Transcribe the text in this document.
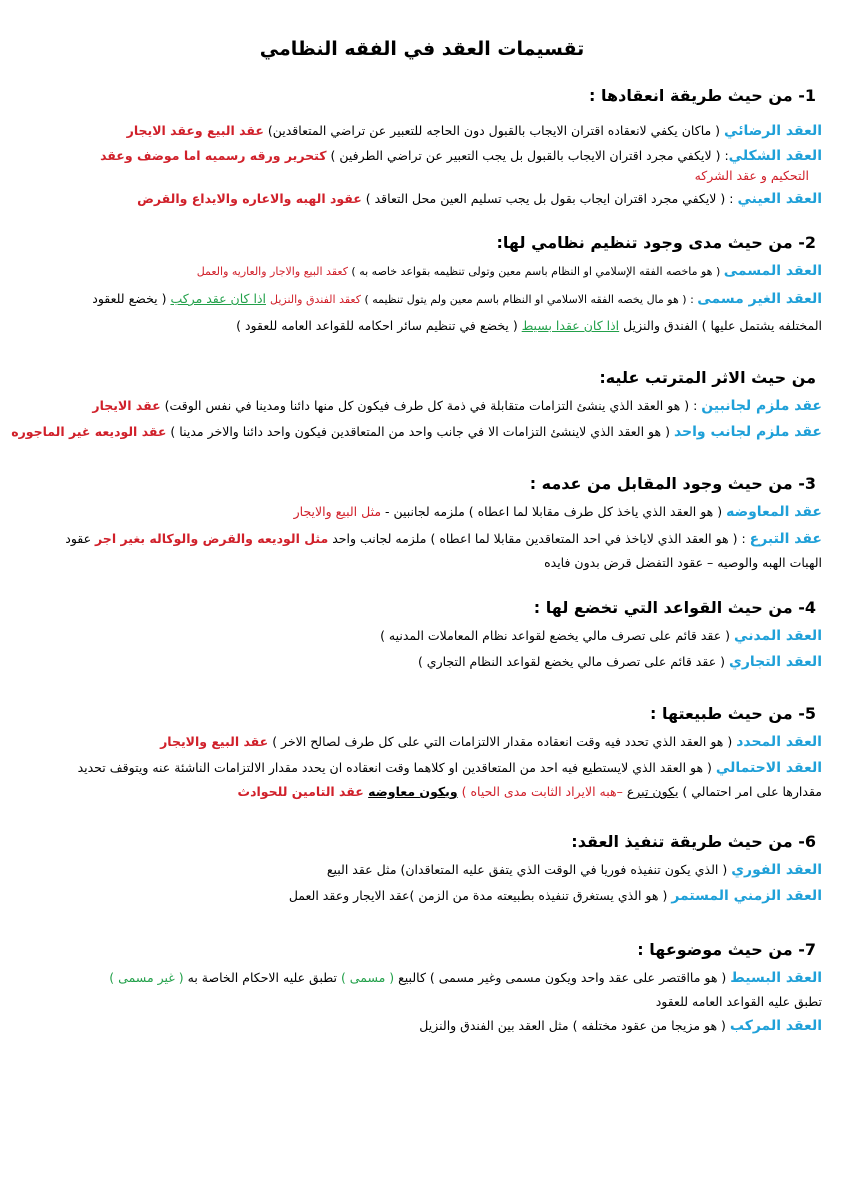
تقسيمات العقد في الفقه النظامي
1- من حيث طريقة انعقادها :
العقد الرضائي ( ماكان يكفي لانعقاده اقتران الايجاب بالقبول دون الحاجه للتعبير عن تراضي المتعاقدين) عقد البيع وعقد الايجار
العقد الشكلي: ( لايكفي مجرد اقتران الايجاب بالقبول بل يجب التعبير عن تراضي الطرفين ) كتحرير ورقه رسميه اما موضف وعقد
التحكيم و عقد الشركه
العقد العيني : ( لايكفي مجرد اقتران ايجاب بقول بل يجب تسليم العين محل التعاقد ) عقود الهبه والاعاره والايداع والقرض
2- من حيث مدى وجود تنظيم نظامي لها:
العقد المسمى ( هو ماخصه الفقه الإسلامي او النظام باسم معين وتولى تنظيمه بقواعد خاصه به ) كعقد البيع والاجار والعاريه والعمل
العقد الغير مسمى : ( هو مال يخصه الفقه الاسلامي او النظام باسم معين ولم يتول تنظيمه ) كعقد الفندق والنزيل اذا كان عقد مركب ( يخضع للعقود
المختلفه يشتمل عليها ) الفندق والنزيل اذا كان عقدا بسيط ( يخضع في تنظيم سائر احكامه للقواعد العامه للعقود )
من حيث الاثر المترتب عليه:
عقد ملزم لجانبين : ( هو العقد الذي ينشئ التزامات متقابلة في ذمة كل طرف فيكون كل منها دائنا ومدينا في نفس الوقت) عقد الايجار
عقد ملزم لجانب واحد ( هو العقد الذي لاينشئ التزامات الا في جانب واحد من المتعاقدين فيكون واحد دائنا والاخر مدينا ) عقد الوديعه غير الماجوره
3- من حيث وجود المقابل من عدمه :
عقد المعاوضه ( هو العقد الذي ياخذ كل طرف مقابلا لما اعطاه ) ملزمه لجانبين - مثل البيع والايجار
عقد التبرع : ( هو العقد الذي لاياخذ في احد المتعاقدين مقابلا لما اعطاه ) ملزمه لجانب واحد مثل الوديعه والقرض والوكاله بغير اجر عقود
الهبات الهبه والوصيه – عقود التفضل قرض بدون فايده
4- من حيث القواعد التي تخضع لها :
العقد المدني ( عقد قائم على تصرف مالي يخضع لقواعد نظام المعاملات المدنيه )
العقد التجاري ( عقد قائم على تصرف مالي يخضع لقواعد النظام التجاري )
5- من حيث طبيعتها :
العقد المحدد ( هو العقد الذي تحدد فيه وقت انعقاده مقدار الالتزامات التي على كل طرف لصالح الاخر ) عقد البيع والايجار
العقد الاحتمالي ( هو العقد الذي لايستطيع فيه احد من المتعاقدين او كلاهما وقت انعقاده ان يحدد مقدار الالتزامات الناشئة عنه ويتوقف تحديد
مقدارها على امر احتمالي ) يكون تبرع –هبه الايراد الثابت مدى الحياه ) ويكون معاوضه عقد التامين للحوادث
6- من حيث طريقة تنفيذ العقد:
العقد الفوري ( الذي يكون تنفيذه فوريا في الوقت الذي يتفق عليه المتعاقدان) مثل عقد البيع
العقد الزمني المستمر ( هو الذي يستغرق تنفيذه بطبيعته مدة من الزمن )عقد الايجار وعقد العمل
7- من حيث موضوعها :
العقد البسيط ( هو مااقتصر على عقد واحد ويكون مسمى وغير مسمى ) كالبيع ( مسمى ) تطبق عليه الاحكام الخاصة به ( غير مسمى )
تطبق عليه القواعد العامه للعقود
العقد المركب ( هو مزيجا من عقود مختلفه ) مثل العقد بين الفندق والنزيل
